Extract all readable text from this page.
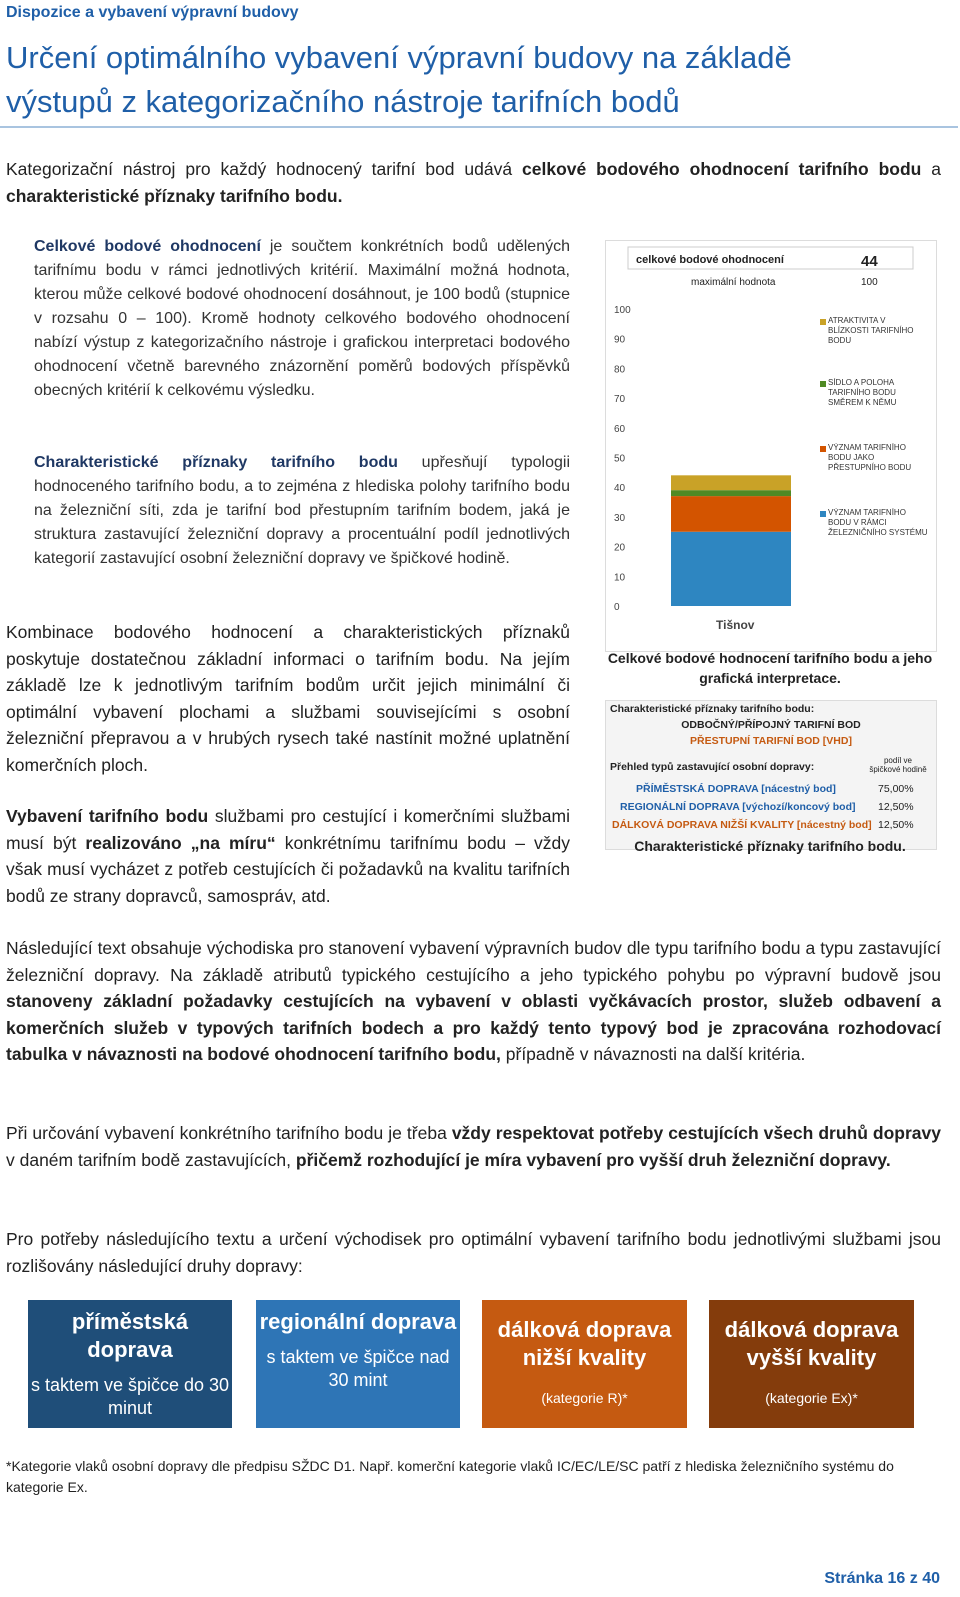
Dispozice a vybavení výpravní budovy
Určení optimálního vybavení výpravní budovy na základě výstupů z kategorizačního nástroje tarifních bodů
Kategorizační nástroj pro každý hodnocený tarifní bod udává celkové bodového ohodnocení tarifního bodu a charakteristické příznaky tarifního bodu.
Celkové bodové ohodnocení je součtem konkrétních bodů udělených tarifnímu bodu v rámci jednotlivých kritérií. Maximální možná hodnota, kterou může celkové bodové ohodnocení dosáhnout, je 100 bodů (stupnice v rozsahu 0 – 100). Kromě hodnoty celkového bodového ohodnocení nabízí výstup z kategorizačního nástroje i grafickou interpretaci bodového ohodnocení včetně barevného znázornění poměrů bodových příspěvků obecných kritérií k celkovému výsledku.
Charakteristické příznaky tarifního bodu upřesňují typologii hodnoceného tarifního bodu, a to zejména z hlediska polohy tarifního bodu na železniční síti, zda je tarifní bod přestupním tarifním bodem, jaká je struktura zastavující železniční dopravy a procentuální podíl jednotlivých kategorií zastavující osobní železniční dopravy ve špičkové hodině.
Kombinace bodového hodnocení a charakteristických příznaků poskytuje dostatečnou základní informaci o tarifním bodu. Na jejím základě lze k jednotlivým tarifním bodům určit jejich minimální či optimální vybavení plochami a službami souvisejícími s osobní železniční přepravou a v hrubých rysech také nastínit možné uplatnění komerčních ploch.
Vybavení tarifního bodu službami pro cestující i komerčními službami musí být realizováno „na míru“ konkrétnímu tarifnímu bodu – vždy však musí vycházet z potřeb cestujících či požadavků na kvalitu tarifních bodů ze strany dopravců, samospráv, atd.
celkové bodové ohodnocení	44
maximální hodnota	100
0
10
20
30
40
50
60
70
80
90
100
ATRAKTIVITA V BLÍZKOSTI TARIFNÍHO BODU
SÍDLO A POLOHA TARIFNÍHO BODU SMĚREM K NĚMU
VÝZNAM TARIFNÍHO BODU JAKO PŘESTUPNÍHO BODU
VÝZNAM TARIFNÍHO BODU V RÁMCI ŽELEZNIČNÍHO SYSTÉMU
Tišnov
Celkové bodové hodnocení tarifního bodu a jeho grafická interpretace.
Charakteristické příznaky tarifního bodu:
ODBOČNÝ/PŘÍPOJNÝ TARIFNÍ BOD
PŘESTUPNÍ TARIFNÍ BOD [VHD]
Přehled typů zastavující osobní dopravy:
podíl ve špičkové hodině
PŘÍMĚSTSKÁ DOPRAVA [nácestný bod]	75,00%
REGIONÁLNÍ DOPRAVA [výchozí/koncový bod] 12,50%
DÁLKOVÁ DOPRAVA NIŽŠÍ KVALITY [nácestný bod] 12,50%
Charakteristické příznaky tarifního bodu.
Následující text obsahuje východiska pro stanovení vybavení výpravních budov dle typu tarifního bodu a typu zastavující železniční dopravy. Na základě atributů typického cestujícího a jeho typického pohybu po výpravní budově jsou stanoveny základní požadavky cestujících na vybavení v oblasti vyčkávacích prostor, služeb odbavení a komerčních služeb v typových tarifních bodech a pro každý tento typový bod je zpracována rozhodovací tabulka v návaznosti na bodové ohodnocení tarifního bodu, případně v návaznosti na další kritéria.
Při určování vybavení konkrétního tarifního bodu je třeba vždy respektovat potřeby cestujících všech druhů dopravy v daném tarifním bodě zastavujících, přičemž rozhodující je míra vybavení pro vyšší druh železniční dopravy.
Pro potřeby následujícího textu a určení východisek pro optimální vybavení tarifního bodu jednotlivými službami jsou rozlišovány následující druhy dopravy:
příměstská doprava
s taktem ve špičce do 30 minut
regionální doprava
s taktem ve špičce nad 30 mint
dálková doprava nižší kvality
(kategorie R)*
dálková doprava vyšší kvality
(kategorie Ex)*
*Kategorie vlaků osobní dopravy dle předpisu SŽDC D1. Např. komerční kategorie vlaků IC/EC/LE/SC patří z hlediska železničního systému do kategorie Ex.
Stránka 16 z 40
